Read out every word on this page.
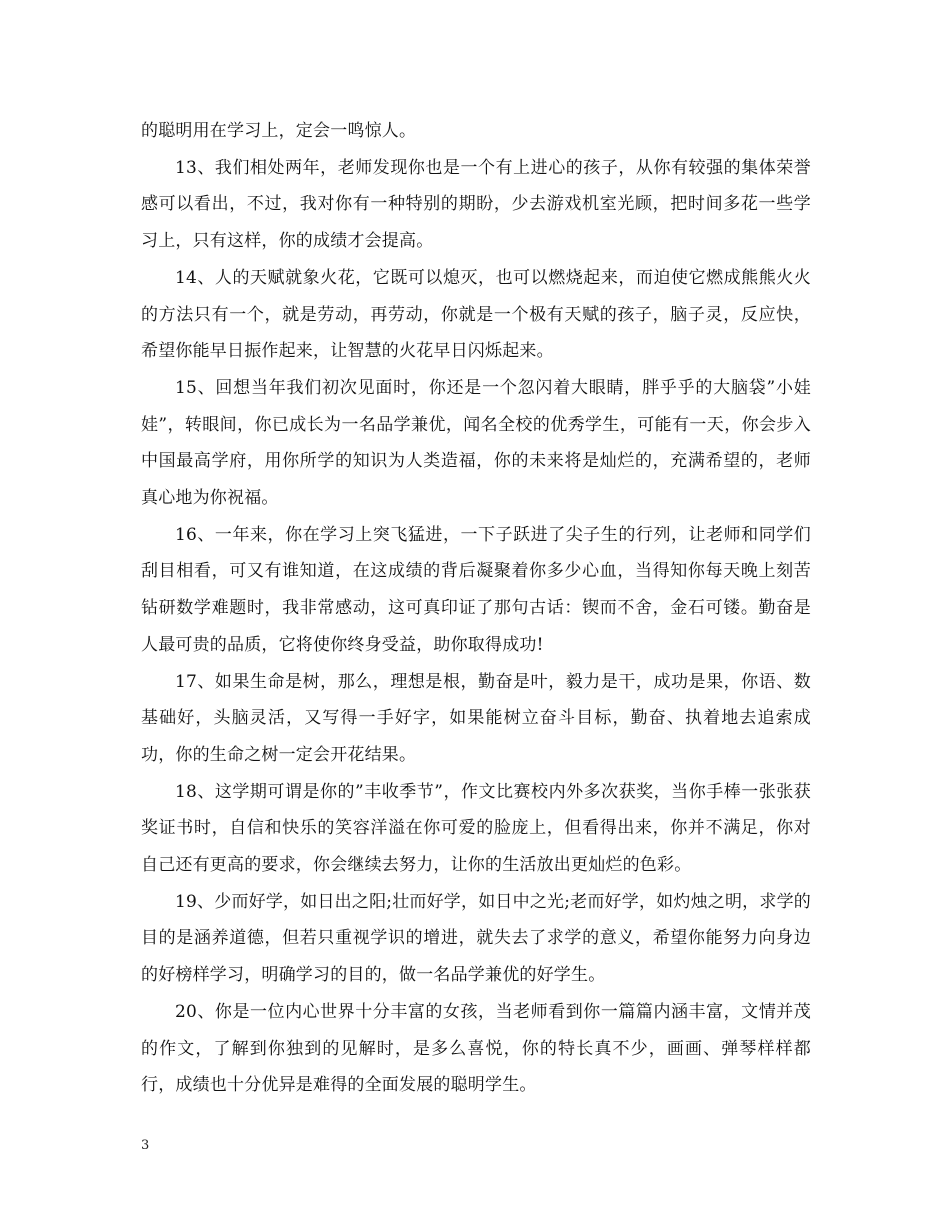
的聪明用在学习上，定会一鸣惊人。

13、我们相处两年，老师发现你也是一个有上进心的孩子，从你有较强的集体荣誉感可以看出，不过，我对你有一种特别的期盼，少去游戏机室光顾，把时间多花一些学习上，只有这样，你的成绩才会提高。

14、人的天赋就象火花，它既可以熄灭，也可以燃烧起来，而迫使它燃成熊熊火火的方法只有一个，就是劳动，再劳动，你就是一个极有天赋的孩子，脑子灵，反应快，希望你能早日振作起来，让智慧的火花早日闪烁起来。

15、回想当年我们初次见面时，你还是一个忽闪着大眼睛，胖乎乎的大脑袋”小娃娃”，转眼间，你已成长为一名品学兼优，闻名全校的优秀学生，可能有一天，你会步入中国最高学府，用你所学的知识为人类造福，你的未来将是灿烂的，充满希望的，老师真心地为你祝福。

16、一年来，你在学习上突飞猛进，一下子跃进了尖子生的行列，让老师和同学们刮目相看，可又有谁知道，在这成绩的背后凝聚着你多少心血，当得知你每天晚上刻苦钻研数学难题时，我非常感动，这可真印证了那句古话：锲而不舍，金石可镂。勤奋是人最可贵的品质，它将使你终身受益，助你取得成功!

17、如果生命是树，那么，理想是根，勤奋是叶，毅力是干，成功是果，你语、数基础好，头脑灵活，又写得一手好字，如果能树立奋斗目标，勤奋、执着地去追索成功，你的生命之树一定会开花结果。

18、这学期可谓是你的”丰收季节”，作文比赛校内外多次获奖，当你手棒一张张获奖证书时，自信和快乐的笑容洋溢在你可爱的脸庞上，但看得出来，你并不满足，你对自己还有更高的要求，你会继续去努力，让你的生活放出更灿烂的色彩。

19、少而好学，如日出之阳;壮而好学，如日中之光;老而好学，如灼烛之明，求学的目的是涵养道德，但若只重视学识的增进，就失去了求学的意义，希望你能努力向身边的好榜样学习，明确学习的目的，做一名品学兼优的好学生。

20、你是一位内心世界十分丰富的女孩，当老师看到你一篇篇内涵丰富，文情并茂的作文，了解到你独到的见解时，是多么喜悦，你的特长真不少，画画、弹琴样样都行，成绩也十分优异是难得的全面发展的聪明学生。

3
